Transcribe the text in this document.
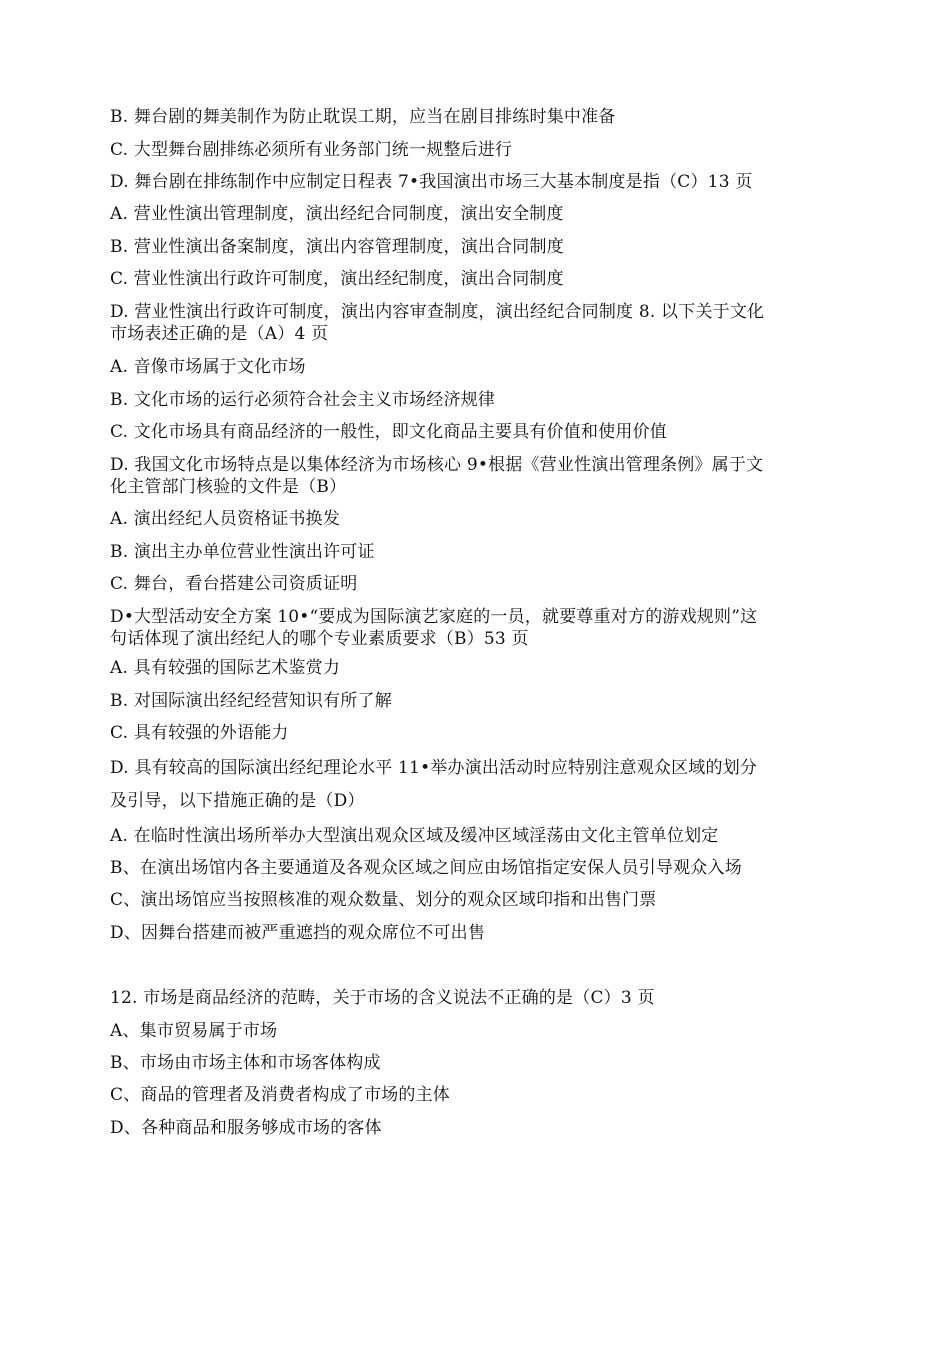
B. 舞台剧的舞美制作为防止耽误工期，应当在剧目排练时集中准备
C. 大型舞台剧排练必须所有业务部门统一规整后进行
D. 舞台剧在排练制作中应制定日程表 7•我国演出市场三大基本制度是指（C）13 页
A. 营业性演出管理制度，演出经纪合同制度，演出安全制度
B. 营业性演出备案制度，演出内容管理制度，演出合同制度
C. 营业性演出行政许可制度，演出经纪制度，演出合同制度
D. 营业性演出行政许可制度，演出内容审查制度，演出经纪合同制度 8. 以下关于文化
市场表述正确的是（A）4 页
A. 音像市场属于文化市场
B. 文化市场的运行必须符合社会主义市场经济规律
C. 文化市场具有商品经济的一般性，即文化商品主要具有价值和使用价值
D. 我国文化市场特点是以集体经济为市场核心 9•根据《营业性演出管理条例》属于文
化主管部门核验的文件是（B）
A. 演出经纪人员资格证书换发
B. 演出主办单位营业性演出许可证
C. 舞台，看台搭建公司资质证明
D•大型活动安全方案 10•“要成为国际演艺家庭的一员，就要尊重对方的游戏规则”这
句话体现了演出经纪人的哪个专业素质要求（B）53 页
A. 具有较强的国际艺术鉴赏力
B. 对国际演出经纪经营知识有所了解
C. 具有较强的外语能力
D. 具有较高的国际演出经纪理论水平 11•举办演出活动时应特别注意观众区域的划分
及引导，以下措施正确的是（D）
A. 在临时性演出场所举办大型演出观众区域及缓冲区域淫荡由文化主管单位划定
B、在演出场馆内各主要通道及各观众区域之间应由场馆指定安保人员引导观众入场
C、演出场馆应当按照核准的观众数量、划分的观众区域印指和出售门票
D、因舞台搭建而被严重遮挡的观众席位不可出售
12. 市场是商品经济的范畴，关于市场的含义说法不正确的是（C）3 页
A、集市贸易属于市场
B、市场由市场主体和市场客体构成
C、商品的管理者及消费者构成了市场的主体
D、各种商品和服务够成市场的客体
